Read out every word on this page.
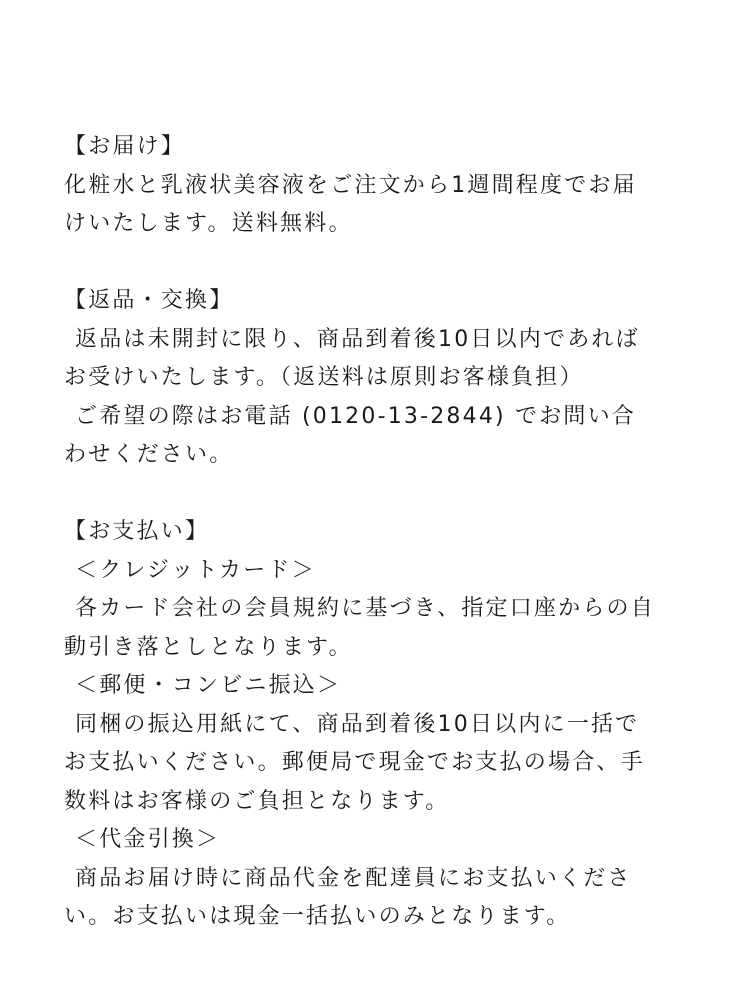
【お届け】
化粧水と乳液状美容液をご注文から1週間程度でお届
けいたします。送料無料。
【返品・交換】
返品は未開封に限り、商品到着後10日以内であれば
お受けいたします。（返送料は原則お客様負担）
ご希望の際はお電話 (0120-13-2844) でお問い合
わせください。
【お支払い】
＜クレジットカード＞
各カード会社の会員規約に基づき、指定口座からの自
動引き落としとなります。
＜郵便・コンビニ振込＞
同梱の振込用紙にて、商品到着後10日以内に一括で
お支払いください。郵便局で現金でお支払の場合、手
数料はお客様のご負担となります。
＜代金引換＞
商品お届け時に商品代金を配達員にお支払いくださ
い。お支払いは現金一括払いのみとなります。
